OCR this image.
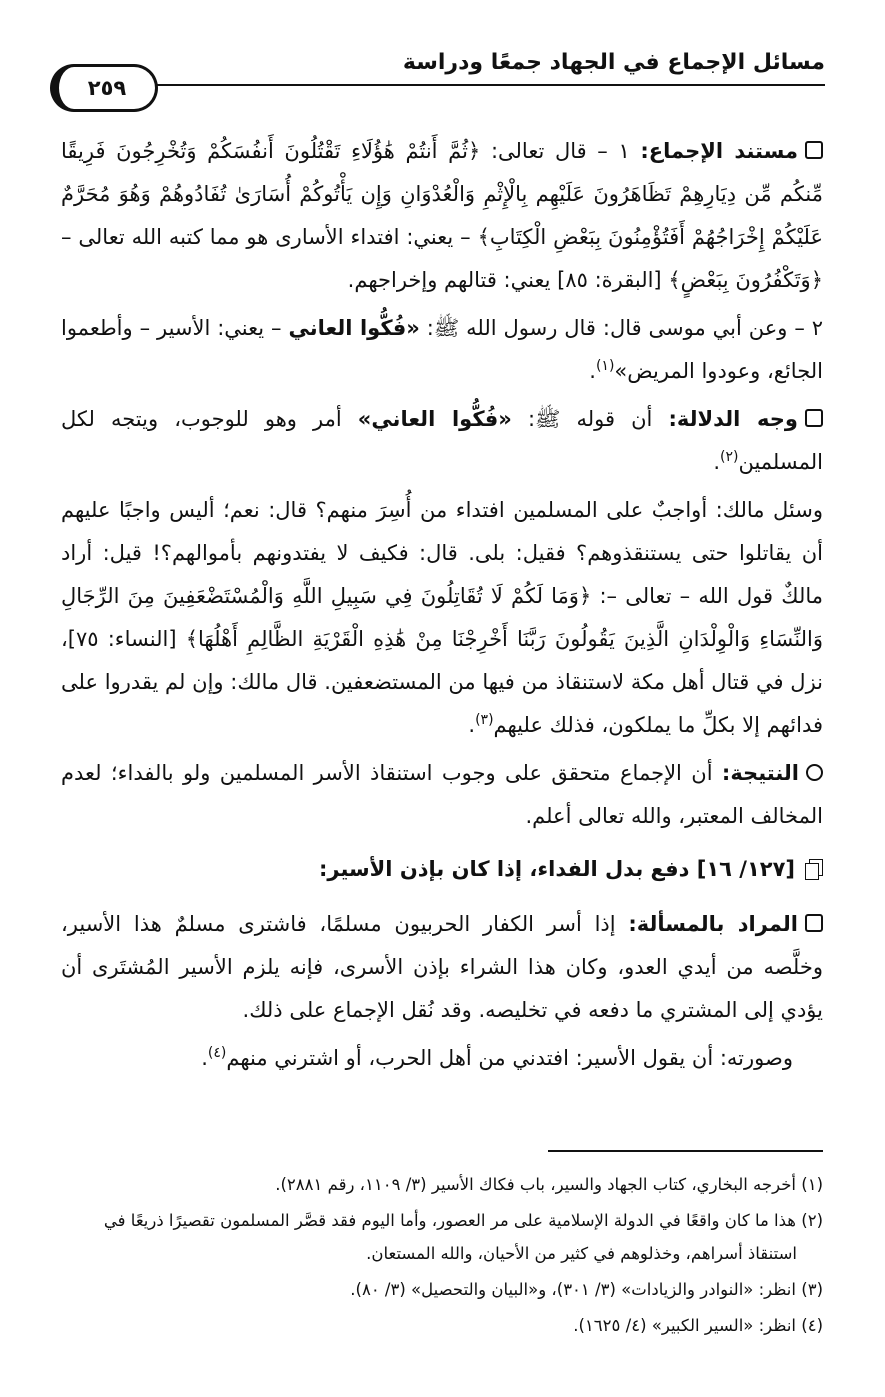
مسائل الإجماع في الجهاد جمعًا ودراسة
٢٥٩

مستند الإجماع: ١ – قال تعالى: ﴿ثُمَّ أَنتُمْ هَٰؤُلَاءِ تَقْتُلُونَ أَنفُسَكُمْ وَتُخْرِجُونَ فَرِيقًا مِّنكُم مِّن دِيَارِهِمْ تَظَاهَرُونَ عَلَيْهِم بِالْإِثْمِ وَالْعُدْوَانِ وَإِن يَأْتُوكُمْ أُسَارَىٰ تُفَادُوهُمْ وَهُوَ مُحَرَّمٌ عَلَيْكُمْ إِخْرَاجُهُمْ أَفَتُؤْمِنُونَ بِبَعْضِ الْكِتَابِ﴾ – يعني: افتداء الأسارى هو مما كتبه الله تعالى – ﴿وَتَكْفُرُونَ بِبَعْضٍ﴾ [البقرة: ٨٥] يعني: قتالهم وإخراجهم.

٢ – وعن أبي موسى قال: قال رسول الله ﷺ: «فُكُّوا العاني – يعني: الأسير – وأطعموا الجائع، وعودوا المريض»$^{(١)}$.

وجه الدلالة: أن قوله ﷺ: «فُكُّوا العاني» أمر وهو للوجوب، ويتجه لكل المسلمين$^{(٢)}$.

وسئل مالك: أواجبٌ على المسلمين افتداء من أُسِرَ منهم؟ قال: نعم؛ أليس واجبًا عليهم أن يقاتلوا حتى يستنقذوهم؟ فقيل: بلى. قال: فكيف لا يفتدونهم بأموالهم؟! قيل: أراد مالكٌ قول الله – تعالى –: ﴿وَمَا لَكُمْ لَا تُقَاتِلُونَ فِي سَبِيلِ اللَّهِ وَالْمُسْتَضْعَفِينَ مِنَ الرِّجَالِ وَالنِّسَاءِ وَالْوِلْدَانِ الَّذِينَ يَقُولُونَ رَبَّنَا أَخْرِجْنَا مِنْ هَٰذِهِ الْقَرْيَةِ الظَّالِمِ أَهْلُهَا﴾ [النساء: ٧٥]، نزل في قتال أهل مكة لاستنقاذ من فيها من المستضعفين. قال مالك: وإن لم يقدروا على فدائهم إلا بكلِّ ما يملكون، فذلك عليهم$^{(٣)}$.

النتيجة: أن الإجماع متحقق على وجوب استنقاذ الأسر المسلمين ولو بالفداء؛ لعدم المخالف المعتبر، والله تعالى أعلم.

[١٢٧/ ١٦] دفع بدل الفداء، إذا كان بإذن الأسير:

المراد بالمسألة: إذا أسر الكفار الحربيون مسلمًا، فاشترى مسلمٌ هذا الأسير، وخلَّصه من أيدي العدو، وكان هذا الشراء بإذن الأسرى، فإنه يلزم الأسير المُشتَرى أن يؤدي إلى المشتري ما دفعه في تخليصه. وقد نُقل الإجماع على ذلك.

وصورته: أن يقول الأسير: افتدني من أهل الحرب، أو اشترني منهم$^{(٤)}$.

(١) أخرجه البخاري، كتاب الجهاد والسير، باب فكاك الأسير (٣/ ١١٠٩، رقم ٢٨٨١).

(٢) هذا ما كان واقعًا في الدولة الإسلامية على مر العصور، وأما اليوم فقد قصَّر المسلمون تقصيرًا ذريعًا في
استنقاذ أسراهم، وخذلوهم في كثير من الأحيان، والله المستعان.

(٣) انظر: «النوادر والزيادات» (٣/ ٣٠١)، و«البيان والتحصيل» (٣/ ٨٠).

(٤) انظر: «السير الكبير» (٤/ ١٦٢٥).
